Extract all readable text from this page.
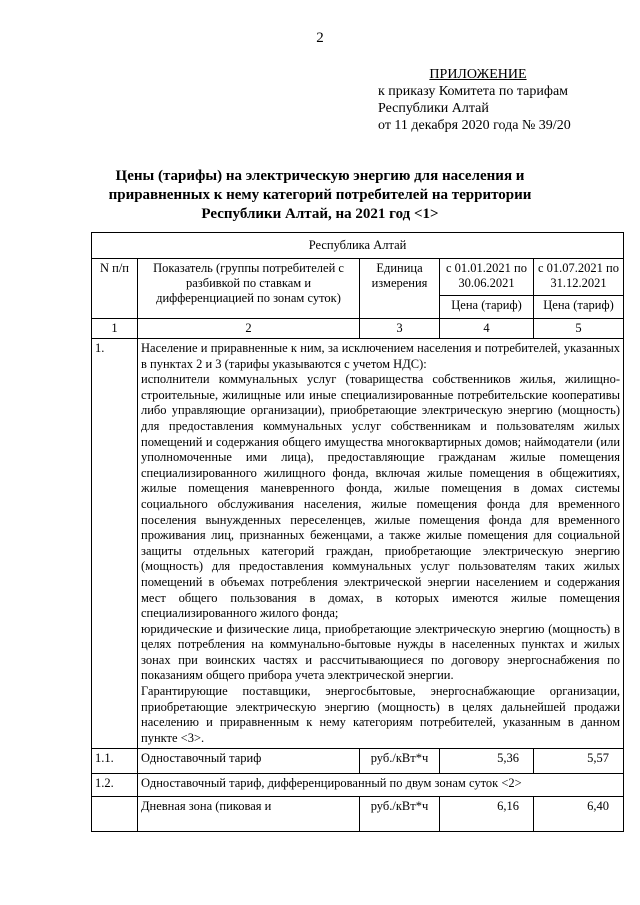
2
ПРИЛОЖЕНИЕ
к приказу Комитета по тарифам
Республики Алтай
от 11 декабря 2020 года № 39/20
Цены (тарифы) на электрическую энергию для населения и
приравненных к нему категорий потребителей на территории
Республики Алтай, на 2021 год <1>
Республика Алтай				
N п/п	Показатель (группы потребителей с разбивкой по ставкам и дифференциацией по зонам суток)	Единица измерения	с 01.01.2021 по 30.06.2021	с 01.07.2021 по 31.12.2021
			Цена (тариф)	Цена (тариф)
1	2	3	4	5
1.	Население и приравненные к ним, за исключением населения и потребителей, указанных в пунктах 2 и 3 (тарифы указываются с учетом НДС):

исполнители коммунальных услуг (товарищества собственников жилья, жилищно-строительные, жилищные или иные специализированные потребительские кооперативы либо управляющие организации), приобретающие электрическую энергию (мощность) для предоставления коммунальных услуг собственникам и пользователям жилых помещений и содержания общего имущества многоквартирных домов; наймодатели (или уполномоченные ими лица), предоставляющие гражданам жилые помещения специализированного жилищного фонда, включая жилые помещения в общежитиях, жилые помещения маневренного фонда, жилые помещения в домах системы социального обслуживания населения, жилые помещения фонда для временного поселения вынужденных переселенцев, жилые помещения фонда для временного проживания лиц, признанных беженцами, а также жилые помещения для социальной защиты отдельных категорий граждан, приобретающие электрическую энергию (мощность) для предоставления коммунальных услуг пользователям таких жилых помещений в объемах потребления электрической энергии населением и содержания мест общего пользования в домах, в которых имеются жилые помещения специализированного жилого фонда;

юридические и физические лица, приобретающие электрическую энергию (мощность) в целях потребления на коммунально-бытовые нужды в населенных пунктах и жилых зонах при воинских частях и рассчитывающиеся по договору энергоснабжения по показаниям общего прибора учета электрической энергии.

Гарантирующие поставщики, энергосбытовые, энергоснабжающие организации, приобретающие электрическую энергию (мощность) в целях дальнейшей продажи населению и приравненным к нему категориям потребителей, указанным в данном пункте <3>.			

1.1.	Одноставочный тариф	руб./кВт*ч	5,36	5,57
1.2.	Одноставочный тариф, дифференцированный по двум зонам суток <2>			
	Дневная зона (пиковая и	руб./кВт*ч	6,16	6,40
